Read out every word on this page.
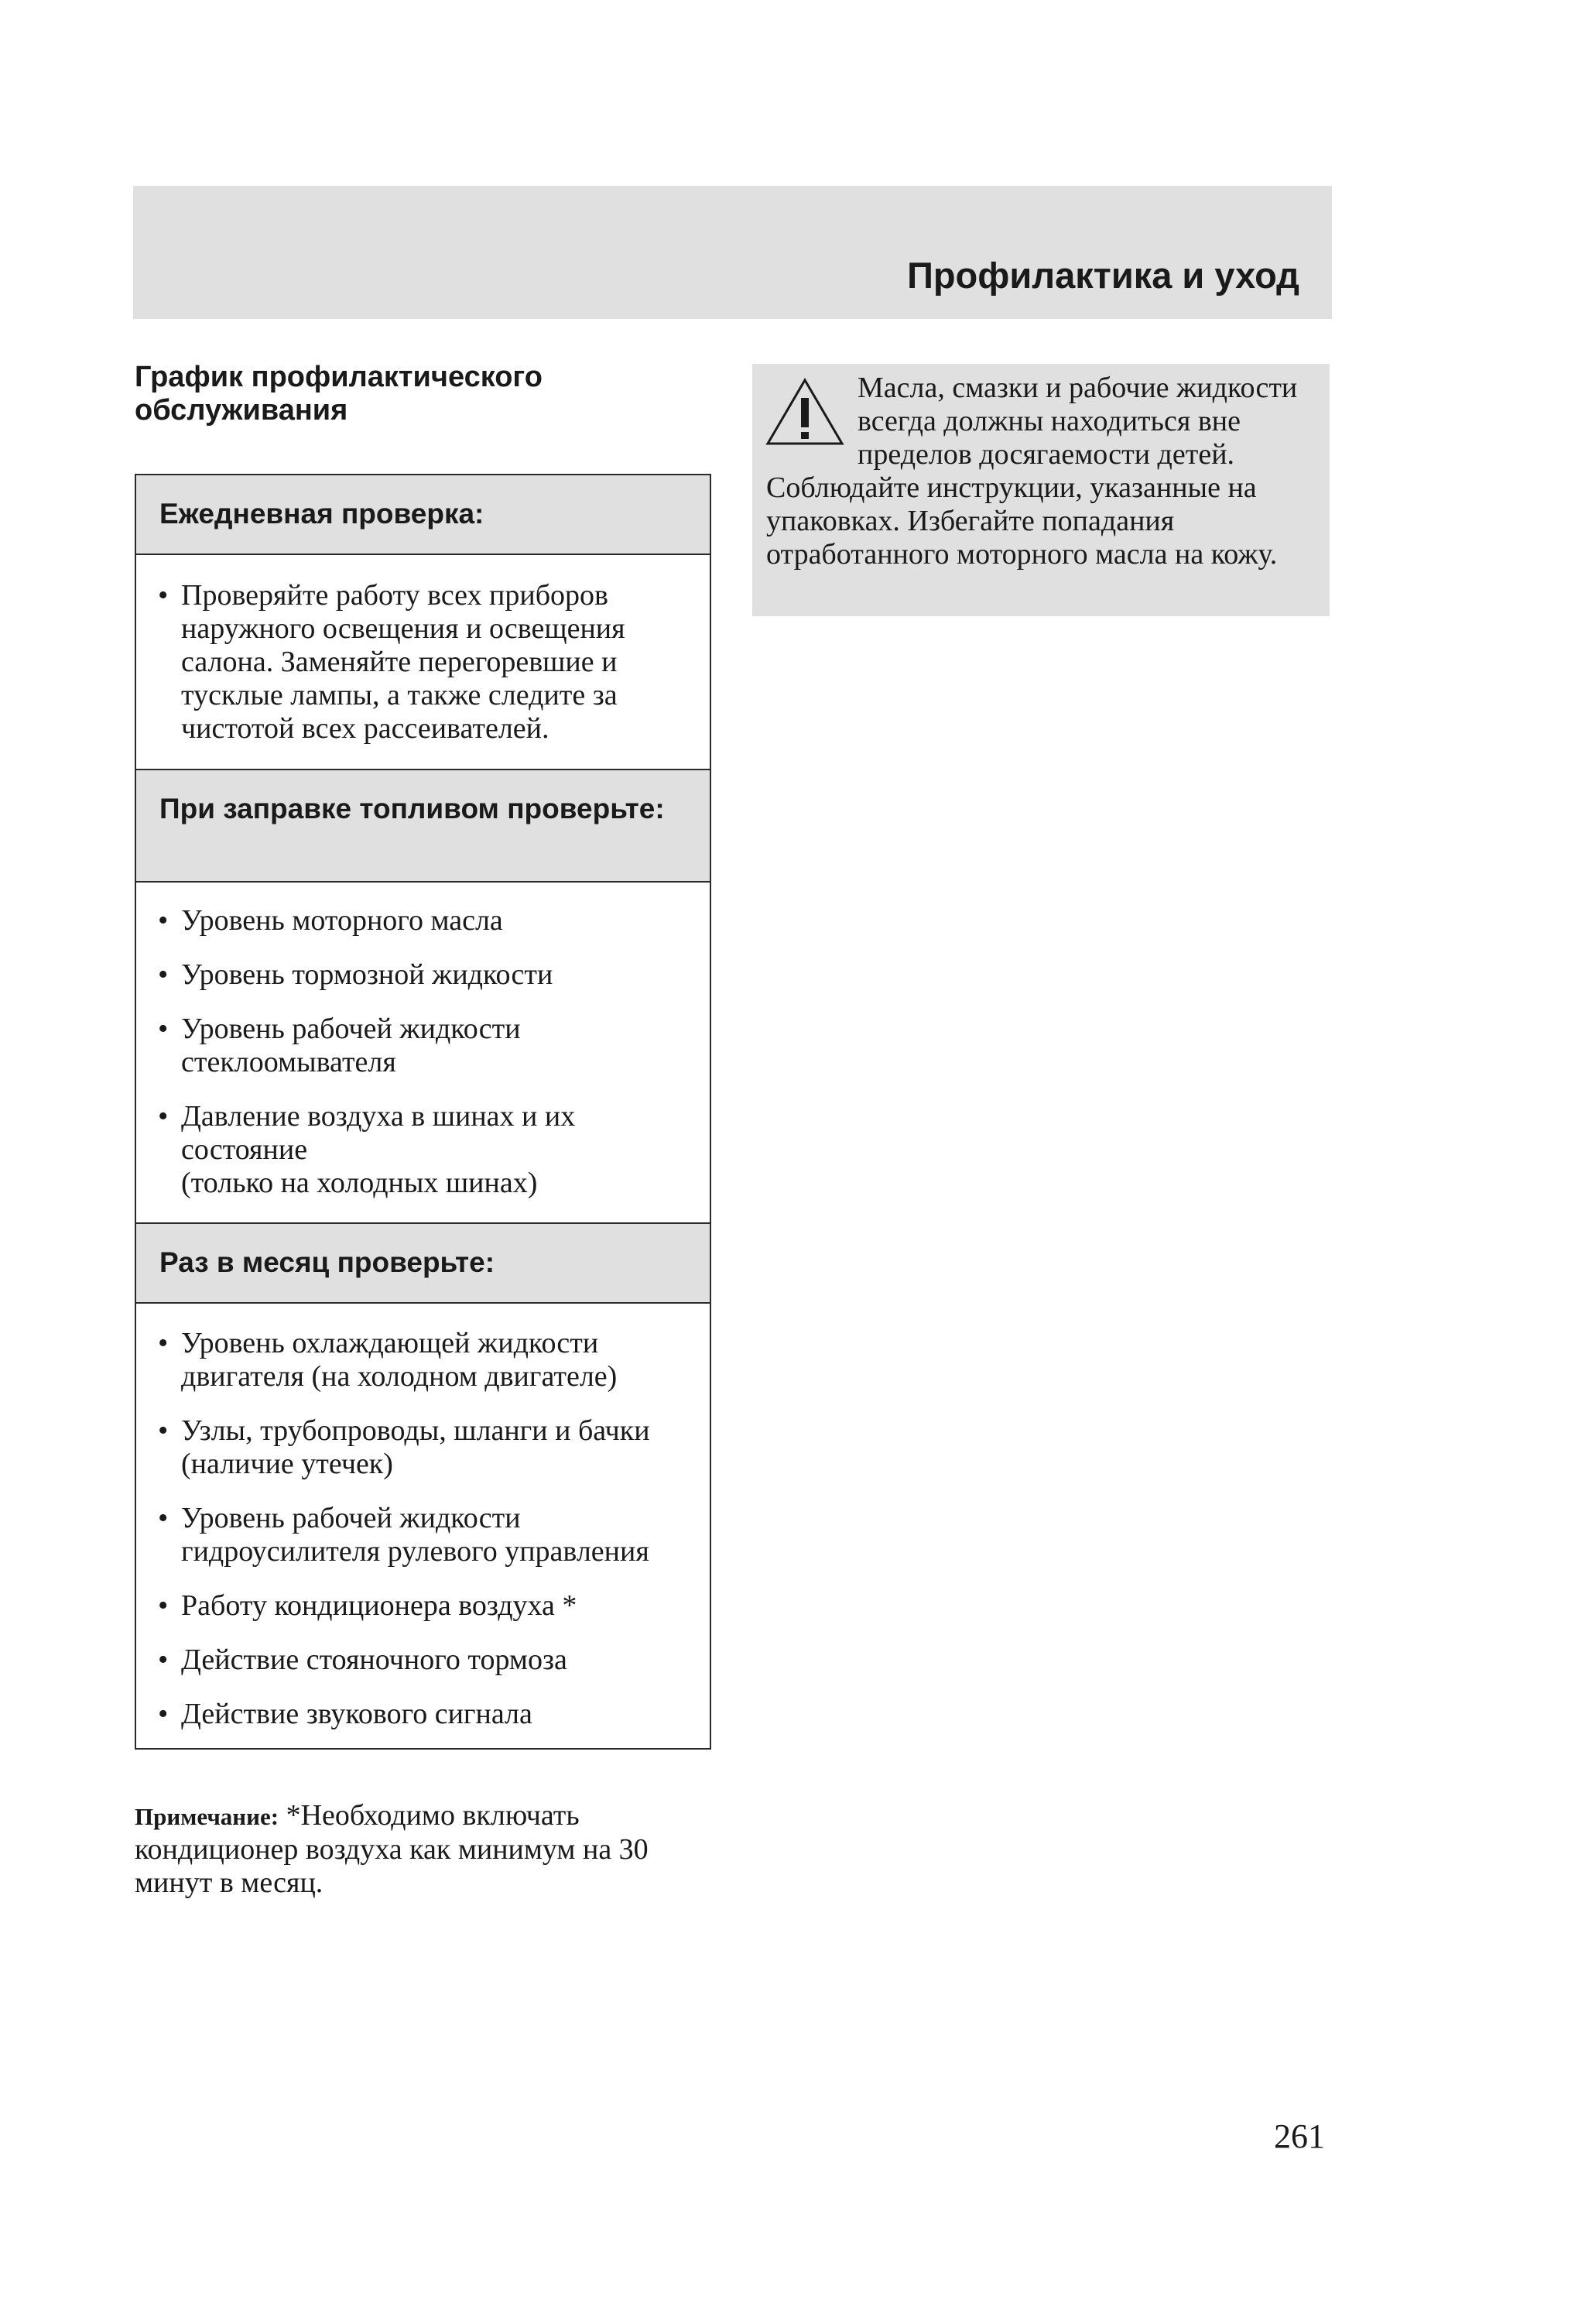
Профилактика и уход
График профилактического обслуживания
Ежедневная проверка:
• Проверяйте работу всех приборов наружного освещения и освещения салона. Заменяйте перегоревшие и тусклые лампы, а также следите за чистотой всех рассеивателей.
При заправке топливом проверьте:
• Уровень моторного масла
• Уровень тормозной жидкости
• Уровень рабочей жидкости стеклоомывателя
• Давление воздуха в шинах и их состояние
(только на холодных шинах)
Раз в месяц проверьте:
• Уровень охлаждающей жидкости двигателя (на холодном двигателе)
• Узлы, трубопроводы, шланги и бачки (наличие утечек)
• Уровень рабочей жидкости гидроусилителя рулевого управления
• Работу кондиционера воздуха *
• Действие стояночного тормоза
• Действие звукового сигнала

Примечание: *Необходимо включать кондиционер воздуха как минимум на 30 минут в месяц.

Масла, смазки и рабочие жидкости всегда должны находиться вне пределов досягаемости детей. Соблюдайте инструкции, указанные на упаковках. Избегайте попадания отработанного моторного масла на кожу.

261
